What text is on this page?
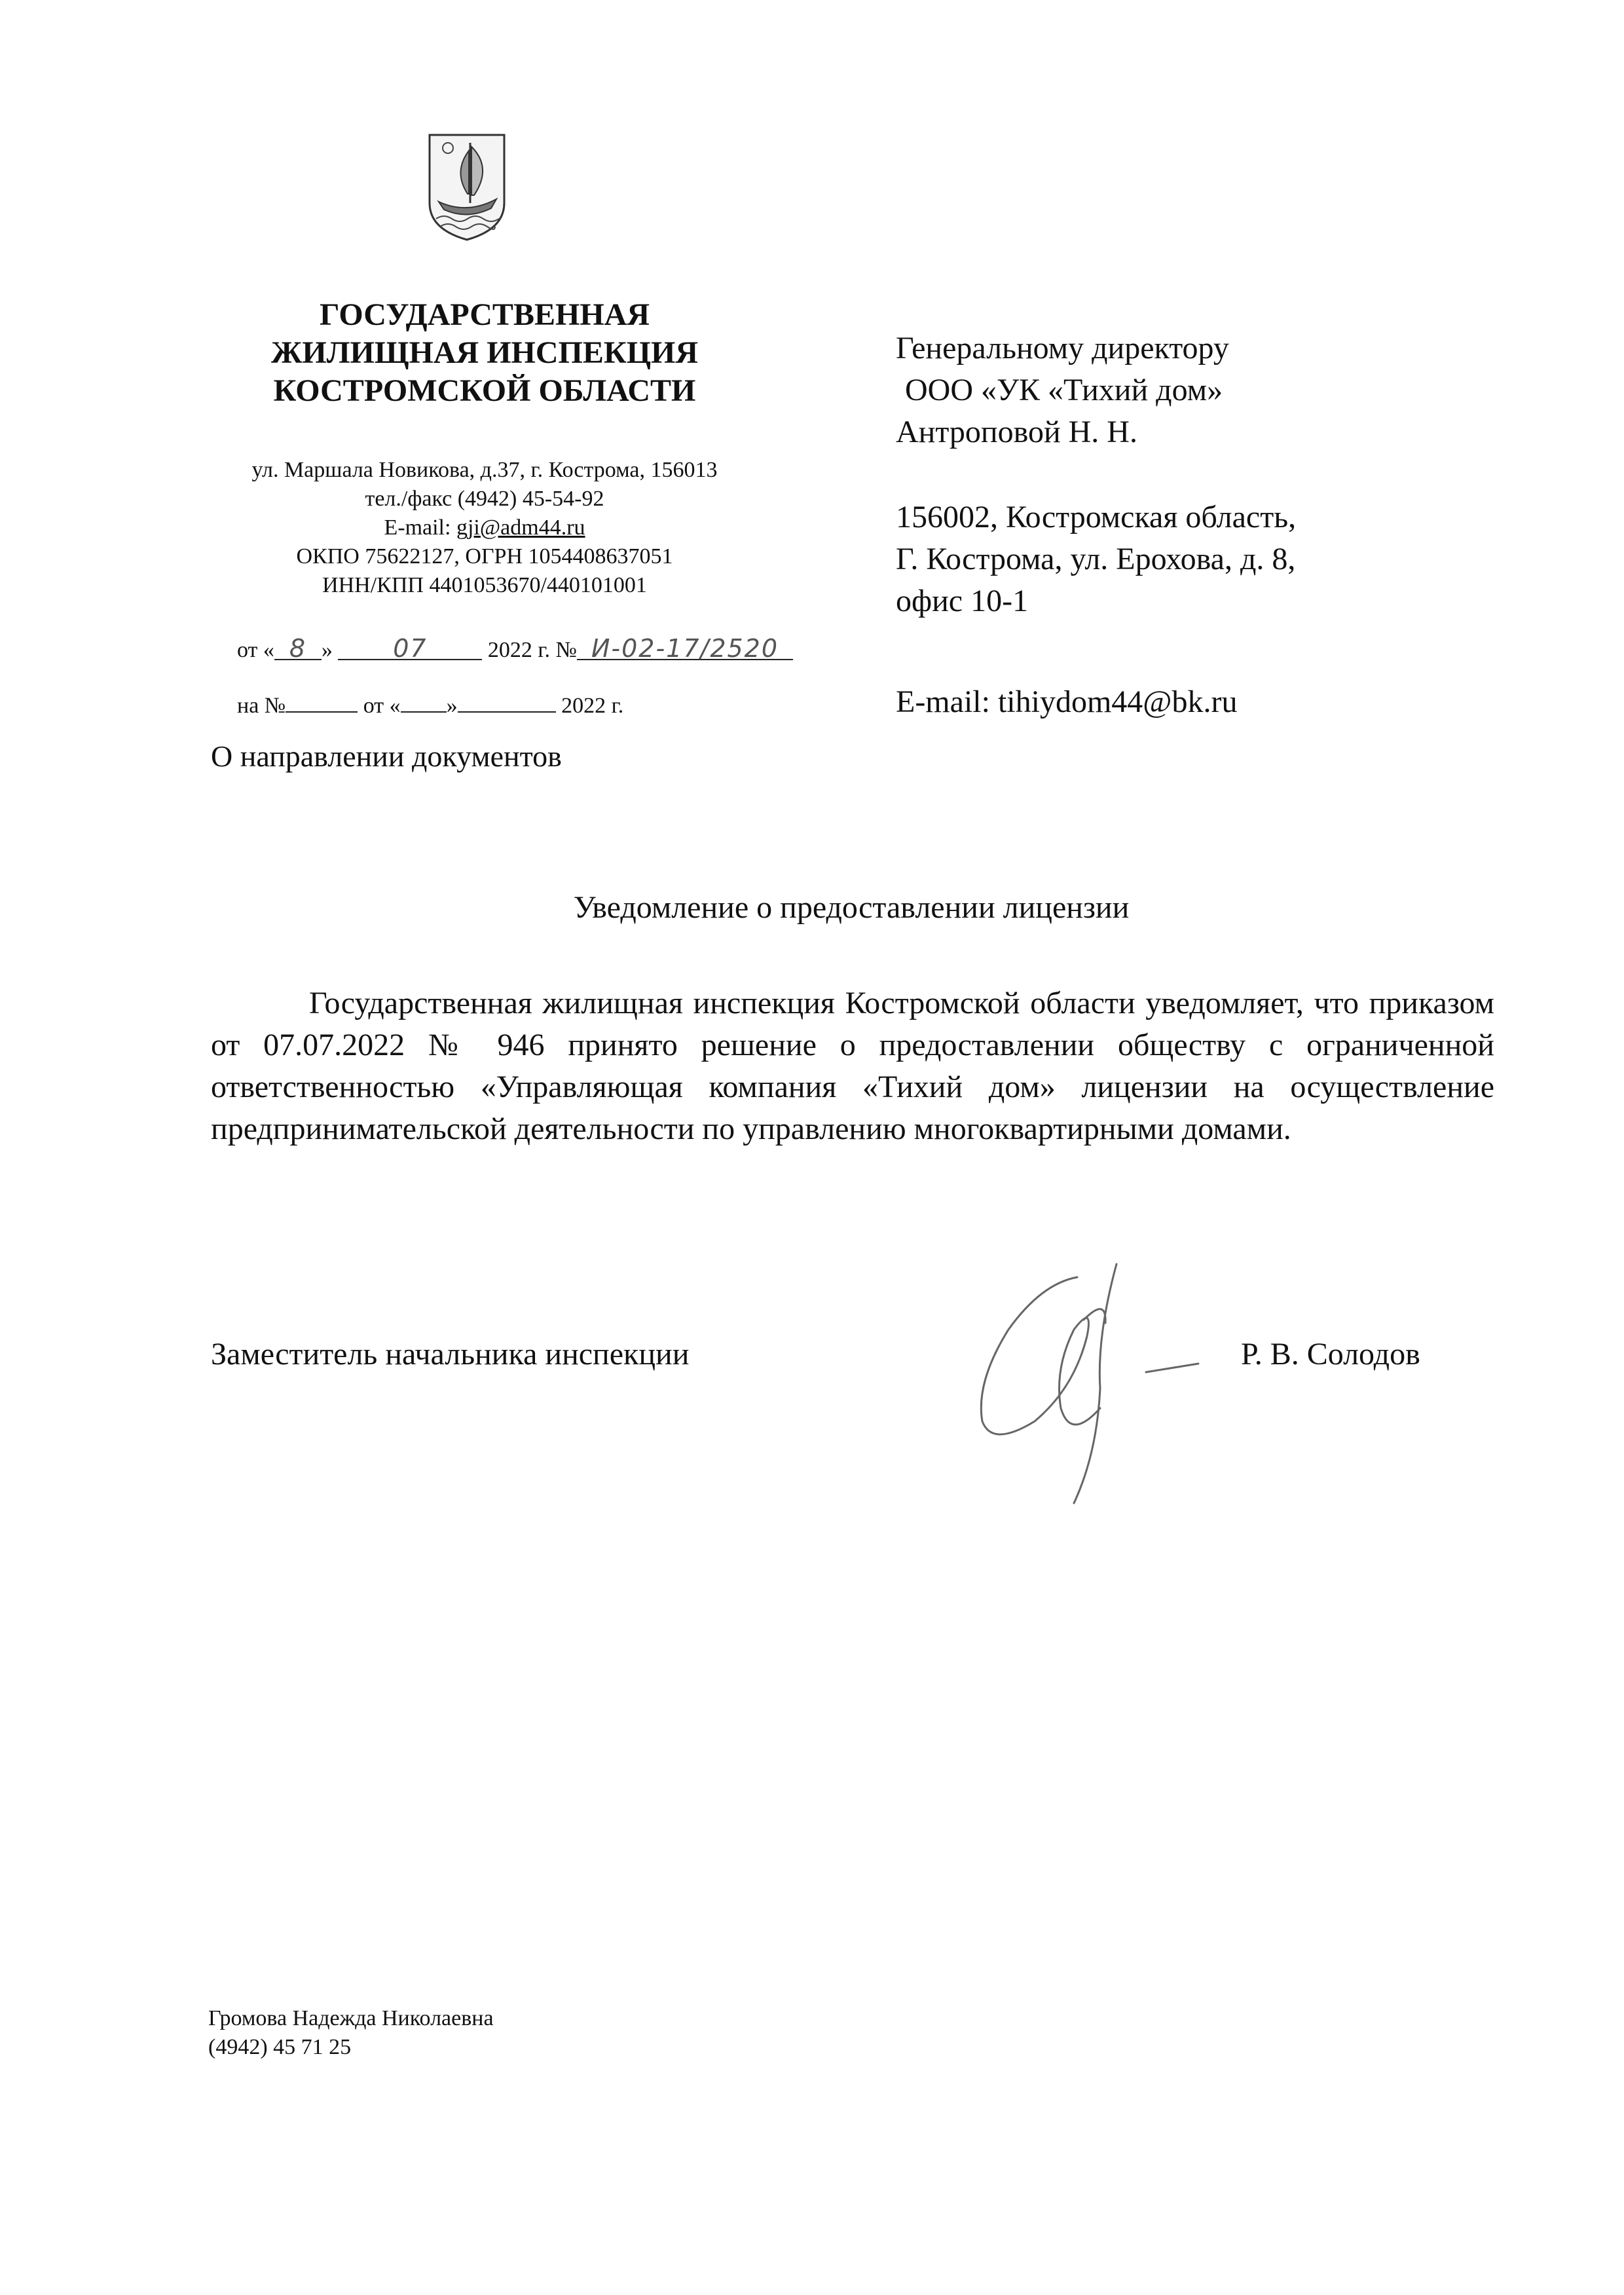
ГОСУДАРСТВЕННАЯ
ЖИЛИЩНАЯ ИНСПЕКЦИЯ
КОСТРОМСКОЙ ОБЛАСТИ
ул. Маршала Новикова, д.37, г. Кострома, 156013
тел./факс (4942) 45-54-92
E-mail: gji@adm44.ru
ОКПО 75622127, ОГРН 1054408637051
ИНН/КПП 4401053670/440101001
от « 8 » 07	2022 г. № И-02-17/2520
на №	от « »	2022 г.
О направлении документов
Генеральному директору
ООО «УК «Тихий дом»
Антроповой Н. Н.
156002, Костромская область,
Г. Кострома, ул. Ерохова, д. 8,
офис 10-1
E-mail: tihiydom44@bk.ru
Уведомление о предоставлении лицензии

Государственная жилищная инспекция Костромской области уведомляет, что приказом от 07.07.2022 № 946 принято решение о предоставлении обществу с ограниченной ответственностью «Управляющая компания «Тихий дом» лицензии на осуществление предпринимательской деятельности по управлению многоквартирными домами.

Заместитель начальника инспекции	Р. В. Солодов
Громова Надежда Николаевна
(4942) 45 71 25
